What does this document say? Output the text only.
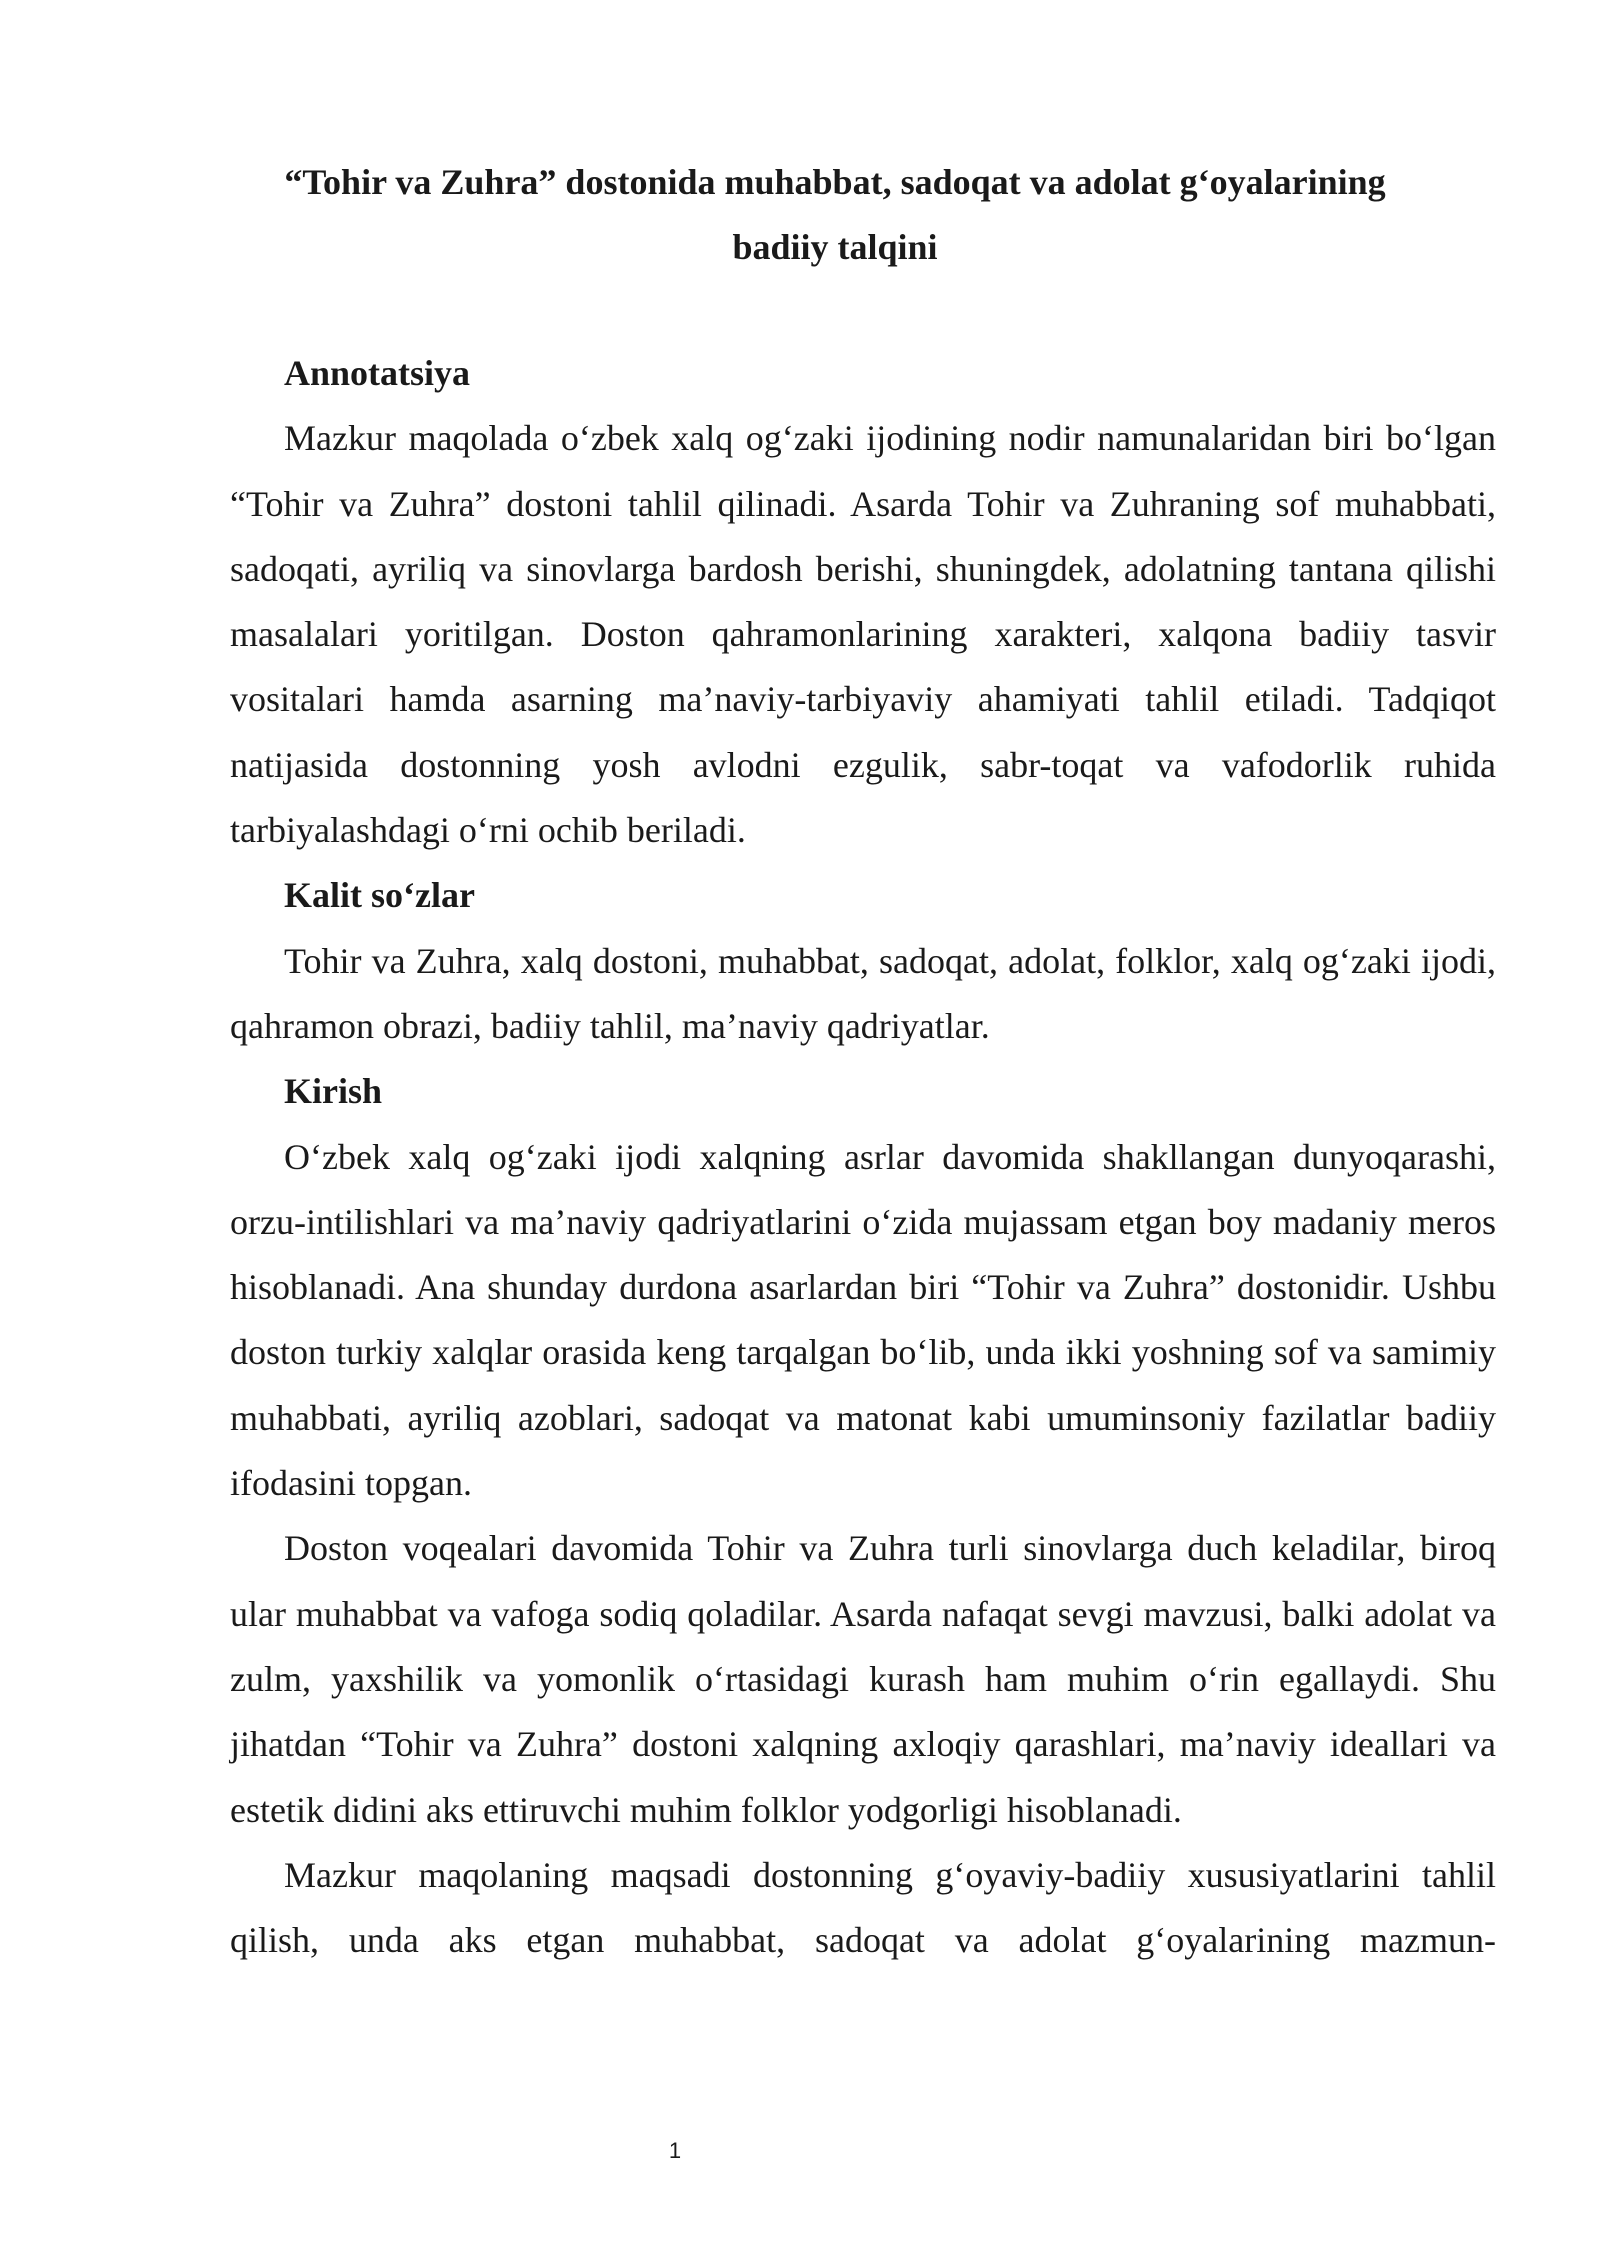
“Tohir va Zuhra” dostonida muhabbat, sadoqat va adolat g‘oyalarining
badiiy talqini

Annotatsiya

Mazkur maqolada o‘zbek xalq og‘zaki ijodining nodir namunalaridan biri bo‘lgan “Tohir va Zuhra” dostoni tahlil qilinadi. Asarda Tohir va Zuhraning sof muhabbati, sadoqati, ayriliq va sinovlarga bardosh berishi, shuningdek, adolatning tantana qilishi masalalari yoritilgan. Doston qahramonlarining xarakteri, xalqona badiiy tasvir vositalari hamda asarning ma’naviy-tarbiyaviy ahamiyati tahlil etiladi. Tadqiqot natijasida dostonning yosh avlodni ezgulik, sabr-toqat va vafodorlik ruhida tarbiyalashdagi o‘rni ochib beriladi.

Kalit so‘zlar

Tohir va Zuhra, xalq dostoni, muhabbat, sadoqat, adolat, folklor, xalq og‘zaki ijodi, qahramon obrazi, badiiy tahlil, ma’naviy qadriyatlar.

Kirish

O‘zbek xalq og‘zaki ijodi xalqning asrlar davomida shakllangan dunyoqarashi, orzu-intilishlari va ma’naviy qadriyatlarini o‘zida mujassam etgan boy madaniy meros hisoblanadi. Ana shunday durdona asarlardan biri “Tohir va Zuhra” dostonidir. Ushbu doston turkiy xalqlar orasida keng tarqalgan bo‘lib, unda ikki yoshning sof va samimiy muhabbati, ayriliq azoblari, sadoqat va matonat kabi umuminsoniy fazilatlar badiiy ifodasini topgan.

Doston voqealari davomida Tohir va Zuhra turli sinovlarga duch keladilar, biroq ular muhabbat va vafoga sodiq qoladilar. Asarda nafaqat sevgi mavzusi, balki adolat va zulm, yaxshilik va yomonlik o‘rtasidagi kurash ham muhim o‘rin egallaydi. Shu jihatdan “Tohir va Zuhra” dostoni xalqning axloqiy qarashlari, ma’naviy ideallari va estetik didini aks ettiruvchi muhim folklor yodgorligi hisoblanadi.

Mazkur maqolaning maqsadi dostonning g‘oyaviy-badiiy xususiyatlarini tahlil qilish, unda aks etgan muhabbat, sadoqat va adolat g‘oyalarining mazmun-

1
